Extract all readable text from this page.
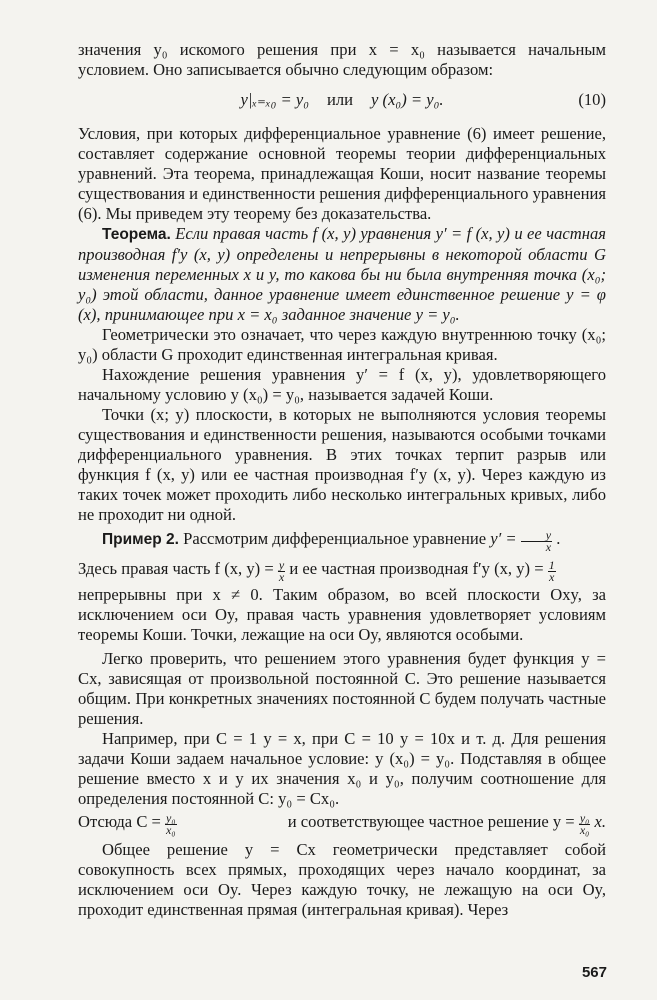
значения y₀ искомого решения при x = x₀ называется начальным условием. Оно записывается обычно следующим образом:

y|ₓ₌ₓ₀ = y₀ или y (x₀) = y₀.	(10)

Условия, при которых дифференциальное уравнение (6) имеет решение, составляет содержание основной теоремы теории дифференциальных уравнений. Эта теорема, принадлежащая Коши, носит название теоремы существования и единственности решения дифференциального уравнения (6). Мы приведем эту теорему без доказательства.

Теорема. Если правая часть f (x, y) уравнения y′ = f (x, y) и ее частная производная f′y (x, y) определены и непрерывны в некоторой области G изменения переменных x и y, то какова бы ни была внутренняя точка (x₀; y₀) этой области, данное уравнение имеет единственное решение y = φ (x), принимающее при x = x₀ заданное значение y = y₀.

Геометрически это означает, что через каждую внутреннюю точку (x₀; y₀) области G проходит единственная интегральная кривая.

Нахождение решения уравнения y′ = f (x, y), удовлетворяющего начальному условию y (x₀) = y₀, называется задачей Коши.

Точки (x; y) плоскости, в которых не выполняются условия теоремы существования и единственности решения, называются особыми точками дифференциального уравнения. В этих точках терпит разрыв или функция f (x, y) или ее частная производная f′y (x, y). Через каждую из таких точек может проходить либо несколько интегральных кривых, либо не проходит ни одной.

Пример 2. Рассмотрим дифференциальное уравнение $y' = \frac{y}{x}$ .

Здесь правая часть f (x, $y) = \frac{y}{x}$ и ее частная производная f′y (x, $y) = \frac{1}{x}$

непрерывны при x ≠ 0. Таким образом, во всей плоскости Oxy, за исключением оси Oy, правая часть уравнения удовлетворяет условиям теоремы Коши. Точки, лежащие на оси Oy, являются особыми.

Легко проверить, что решением этого уравнения будет функция y = Cx, зависящая от произвольной постоянной C. Это решение называется общим. При конкретных значениях постоянной C будем получать частные решения.

Например, при C = 1 y = x, при C = 10 y = 10x и т. д. Для решения задачи Коши задаем начальное условие: y (x₀) = y₀. Подставляя в общее решение вместо x и y их значения x₀ и y₀, получим соотношение для определения постоянной C: y₀ = Cx₀.

Отсюда $C = \frac{\text{y₀}}{\text{x₀}}$	и соответствующее частное решение $y = \frac{\text{y₀}}{\text{x₀}} x$.

Общее решение y = Cx геометрически представляет собой совокупность всех прямых, проходящих через начало координат, за исключением оси Oy. Через каждую точку, не лежащую на оси Oy, проходит единственная прямая (интегральная кривая). Через

567
